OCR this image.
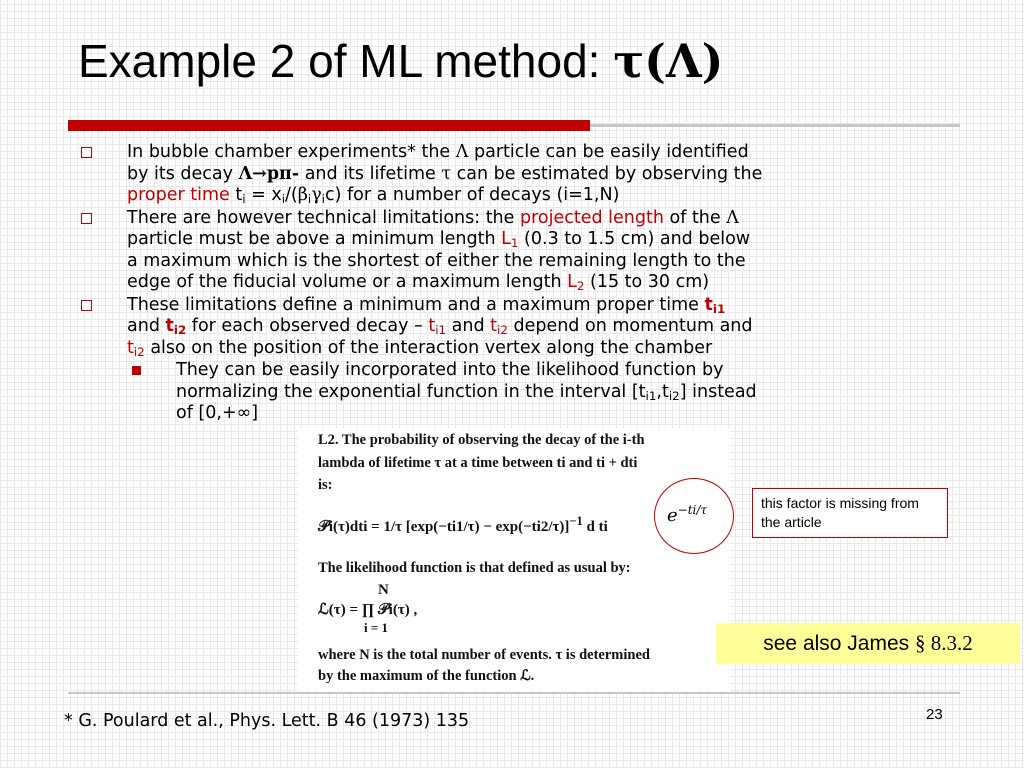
Example 2 of ML method: τ(Λ)
In bubble chamber experiments* the Λ particle can be easily identified
by its decay Λ→pπ- and its lifetime τ can be estimated by observing the
proper time $t_i = x_i/(\beta_i\gamma_ic)$ for a number of decays (i=1,N)
There are however technical limitations: the projected length of the Λ
particle must be above a minimum length $L_1$ (0.3 to 1.5 cm) and below
a maximum which is the shortest of either the remaining length to the
edge of the fiducial volume or a maximum length $L_2$ (15 to 30 cm)
These limitations define a minimum and a maximum proper time $t_{i1}$
and $t_{i2}$ for each observed decay – $t_{i1}$ and $t_{i2}$ depend on momentum and
$t_{i2}$ also on the position of the interaction vertex along the chamber
They can be easily incorporated into the likelihood function by
normalizing the exponential function in the interval $[t_{i1},t_{i2}]$ instead
of [0,+∞]
L2. The probability of observing the decay of the i-th
lambda of lifetime τ at a time between ti and ti + dti
is:
𝒫i(τ)dti = 1/τ $[\exp(-ti1/\tau) - \exp(-ti2/\tau)]^{-1}$ d ti
The likelihood function is that defined as usual by:
N
ℒ(τ) = ∏ 𝒫i(τ) ,
i = 1
where N is the total number of events. τ is determined
by the maximum of the function ℒ.
$e^{-ti/\tau}$	this factor is missing from the article
see also James § 8.3.2
* G. Poulard et al., Phys. Lett. B 46 (1973) 135	23
